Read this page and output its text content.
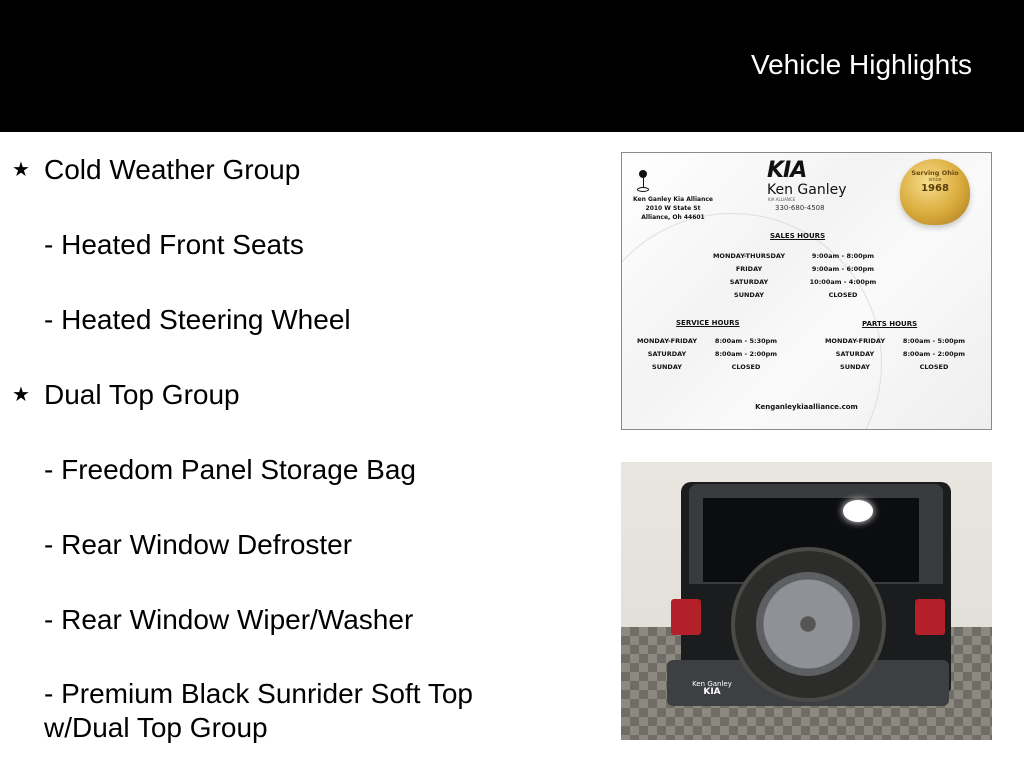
Vehicle Highlights
★ Cold Weather Group
- Heated Front Seats
- Heated Steering Wheel
★ Dual Top Group
- Freedom Panel Storage Bag
- Rear Window Defroster
- Rear Window Wiper/Washer
- Premium Black Sunrider Soft Top w/Dual Top Group
Ken Ganley Kia Alliance
2010 W State St
Alliance, Oh 44601
KIA
Ken Ganley
KIA ALLIANCE
330-680-4508
Serving Ohio
since
1968
SALES HOURS
MONDAY-THURSDAY	9:00am - 8:00pm
FRIDAY	9:00am - 6:00pm
SATURDAY	10:00am - 4:00pm
SUNDAY	CLOSED
SERVICE HOURS
MONDAY-FRIDAY	8:00am - 5:30pm
SATURDAY	8:00am - 2:00pm
SUNDAY	CLOSED
PARTS HOURS
MONDAY-FRIDAY	8:00am - 5:00pm
SATURDAY	8:00am - 2:00pm
SUNDAY	CLOSED
Kenganleykiaalliance.com
Ken Ganley
KIA
